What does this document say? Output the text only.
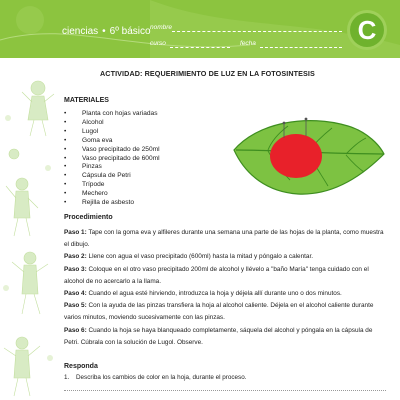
ciencias • 6º básico nombre
curso	fecha	C
ACTIVIDAD: REQUERIMIENTO DE LUZ EN LA FOTOSINTESIS
MATERIALES
• Planta con hojas variadas
• Alcohol
• Lugol
• Goma eva
• Vaso precipitado de 250ml
• Vaso precipitado de 600ml
• Pinzas
• Cápsula de Petri
• Trípode
• Mechero
• Rejilla de asbesto
Procedimiento

Paso 1: Tape con la goma eva y alfileres durante una semana una parte de las hojas de la planta, como muestra el dibujo.

Paso 2: Llene con agua el vaso precipitado (600ml) hasta la mitad y póngalo a calentar.

Paso 3: Coloque en el otro vaso precipitado 200ml de alcohol y llévelo a "baño María" tenga cuidado con el alcohol de no acercarlo a la llama.

Paso 4: Cuando el agua esté hirviendo, introduzca la hoja y déjela allí durante uno o dos minutos.

Paso 5: Con la ayuda de las pinzas transfiera la hoja al alcohol caliente. Déjela en el alcohol caliente durante varios minutos, moviendo sucesivamente con las pinzas.

Paso 6: Cuando la hoja se haya blanqueado completamente, sáquela del alcohol y póngala en la cápsula de Petri. Cúbrala con la solución de Lugol. Observe.

Responda
1. Describa los cambios de color en la hoja, durante el proceso.
